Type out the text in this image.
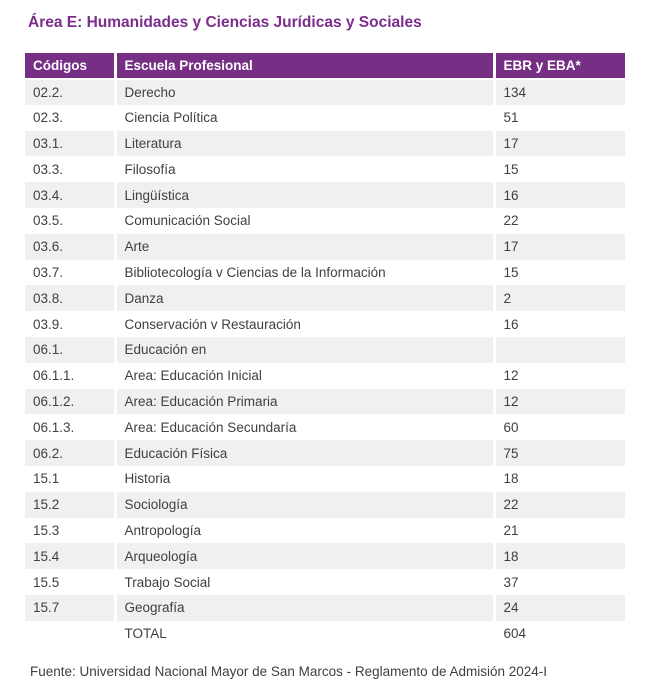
Área E: Humanidades y Ciencias Jurídicas y Sociales
Códigos	Escuela Profesional	EBR y EBA*
02.2.	Derecho	134
02.3.	Ciencia Política	51
03.1.	Literatura	17
03.3.	Filosofía	15
03.4.	Lingüística	16
03.5.	Comunicación Social	22
03.6.	Arte	17
03.7.	Bibliotecología v Ciencias de la Información	15
03.8.	Danza	2
03.9.	Conservación v Restauración	16
06.1.	Educación en	
06.1.1.	Area: Educación Inicial	12
06.1.2.	Area: Educación Primaria	12
06.1.3.	Area: Educación Secundaría	60
06.2.	Educación Física	75
15.1	Historia	18
15.2	Sociología	22
15.3	Antropología	21
15.4	Arqueología	18
15.5	Trabajo Social	37
15.7	Geografía	24
	TOTAL	604
Fuente: Universidad Nacional Mayor de San Marcos - Reglamento de Admisión 2024-I
